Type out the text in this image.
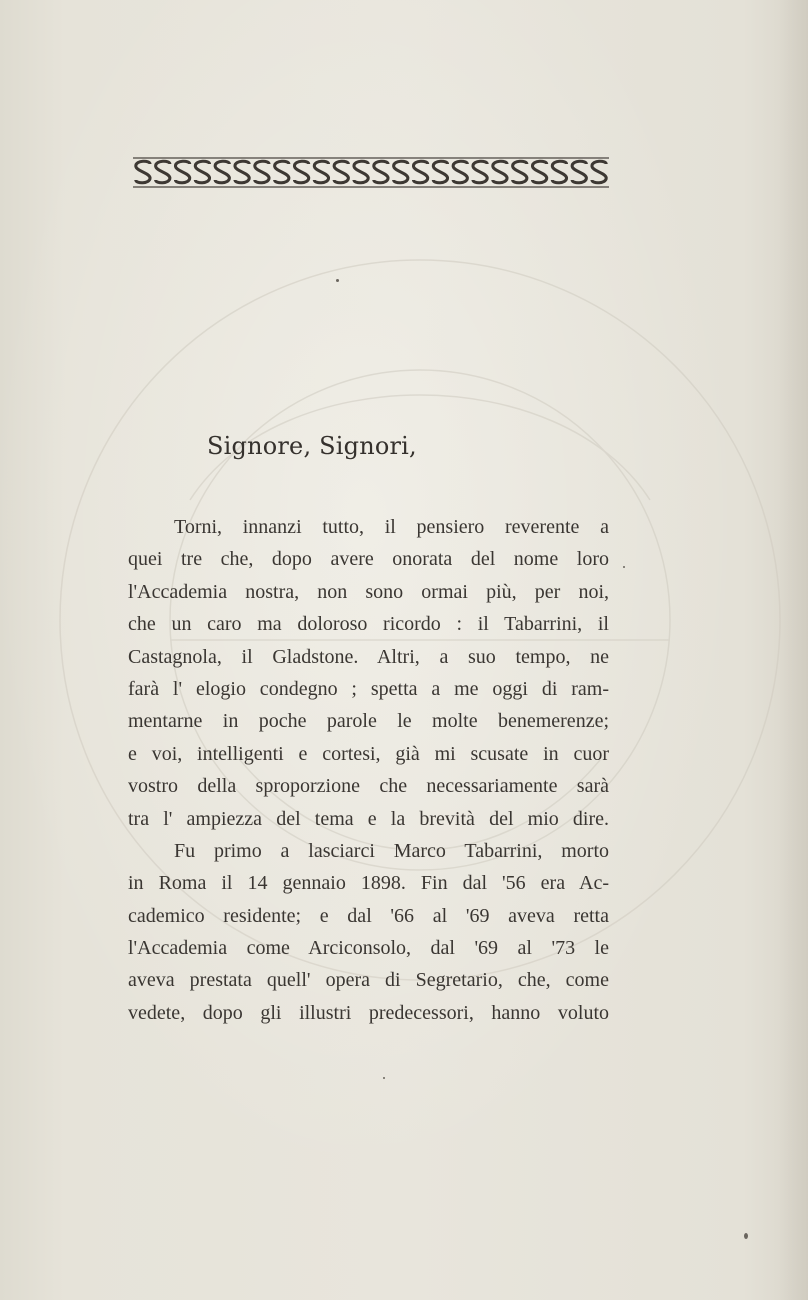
Signore, Signori,
Torni, innanzi tutto, il pensiero reverente a
quei tre che, dopo avere onorata del nome loro
l'Accademia nostra, non sono ormai più, per noi,
che un caro ma doloroso ricordo : il Tabarrini, il
Castagnola, il Gladstone. Altri, a suo tempo, ne
farà l' elogio condegno ; spetta a me oggi di ram-
mentarne in poche parole le molte benemerenze;
e voi, intelligenti e cortesi, già mi scusate in cuor
vostro della sproporzione che necessariamente sarà
tra l' ampiezza del tema e la brevità del mio dire.
Fu primo a lasciarci Marco Tabarrini, morto
in Roma il 14 gennaio 1898. Fin dal '56 era Ac-
cademico residente; e dal '66 al '69 aveva retta
l'Accademia come Arciconsolo, dal '69 al '73 le
aveva prestata quell' opera di Segretario, che, come
vedete, dopo gli illustri predecessori, hanno voluto
